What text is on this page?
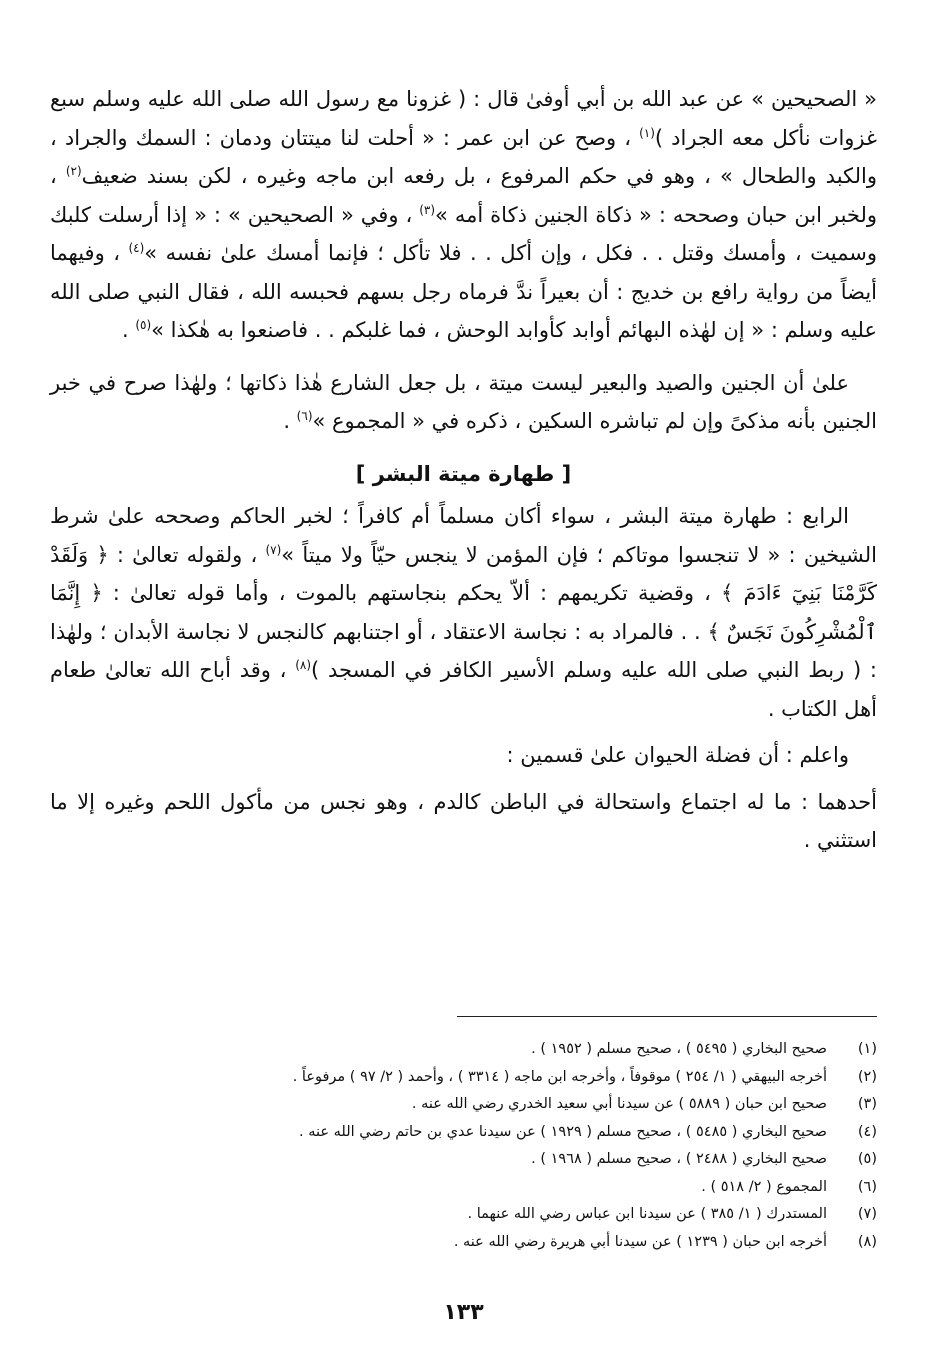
« الصحيحين » عن عبد الله بن أبي أوفىٰ قال : ( غزونا مع رسول الله صلى الله عليه وسلم سبع غزوات نأكل معه الجراد )$^{(١)}$ ، وصح عن ابن عمر : « أحلت لنا ميتتان ودمان : السمك والجراد ، والكبد والطحال » ، وهو في حكم المرفوع ، بل رفعه ابن ماجه وغيره ، لكن بسند ضعيف$^{(٢)}$ ، ولخبر ابن حبان وصححه : « ذكاة الجنين ذكاة أمه »$^{(٣)}$ ، وفي « الصحيحين » : « إذا أرسلت كلبك وسميت ، وأمسك وقتل . . فكل ، وإن أكل . . فلا تأكل ؛ فإنما أمسك علىٰ نفسه »$^{(٤)}$ ، وفيهما أيضاً من رواية رافع بن خديج : أن بعيراً ندَّ فرماه رجل بسهم فحبسه الله ، فقال النبي صلى الله عليه وسلم : « إن لهٰذه البهائم أوابد كأوابد الوحش ، فما غلبكم . . فاصنعوا به هٰكذا »$^{(٥)}$ .

علىٰ أن الجنين والصيد والبعير ليست ميتة ، بل جعل الشارع هٰذا ذكاتها ؛ ولهٰذا صرح في خبر الجنين بأنه مذكىً وإن لم تباشره السكين ، ذكره في « المجموع »$^{(٦)}$ .

[ طهارة ميتة البشر ]

الرابع : طهارة ميتة البشر ، سواء أكان مسلماً أم كافراً ؛ لخبر الحاكم وصححه علىٰ شرط الشيخين : « لا تنجسوا موتاكم ؛ فإن المؤمن لا ينجس حيّاً ولا ميتاً »$^{(٧)}$ ، ولقوله تعالىٰ : ﴿ وَلَقَدْ كَرَّمْنَا بَنِيٓ ءَادَمَ ﴾ ، وقضية تكريمهم : ألاّ يحكم بنجاستهم بالموت ، وأما قوله تعالىٰ : ﴿ إِنَّمَا ٱلْمُشْرِكُونَ نَجَسٌ ﴾ . . فالمراد به : نجاسة الاعتقاد ، أو اجتنابهم كالنجس لا نجاسة الأبدان ؛ ولهٰذا : ( ربط النبي صلى الله عليه وسلم الأسير الكافر في المسجد )$^{(٨)}$ ، وقد أباح الله تعالىٰ طعام أهل الكتاب .

واعلم : أن فضلة الحيوان علىٰ قسمين :

أحدهما : ما له اجتماع واستحالة في الباطن كالدم ، وهو نجس من مأكول اللحم وغيره إلا ما استثني .

(١)
صحيح البخاري ( ٥٤٩٥ ) ، صحيح مسلم ( ١٩٥٢ ) .
(٢)
أخرجه البيهقي ( ١/ ٢٥٤ ) موقوفاً ، وأخرجه ابن ماجه ( ٣٣١٤ ) ، وأحمد ( ٢/ ٩٧ ) مرفوعاً .
(٣)
صحيح ابن حبان ( ٥٨٨٩ ) عن سيدنا أبي سعيد الخدري رضي الله عنه .
(٤)
صحيح البخاري ( ٥٤٨٥ ) ، صحيح مسلم ( ١٩٢٩ ) عن سيدنا عدي بن حاتم رضي الله عنه .
(٥)
صحيح البخاري ( ٢٤٨٨ ) ، صحيح مسلم ( ١٩٦٨ ) .
(٦)
المجموع ( ٢/ ٥١٨ ) .
(٧)
المستدرك ( ١/ ٣٨٥ ) عن سيدنا ابن عباس رضي الله عنهما .
(٨)
أخرجه ابن حبان ( ١٢٣٩ ) عن سيدنا أبي هريرة رضي الله عنه .
١٣٣
